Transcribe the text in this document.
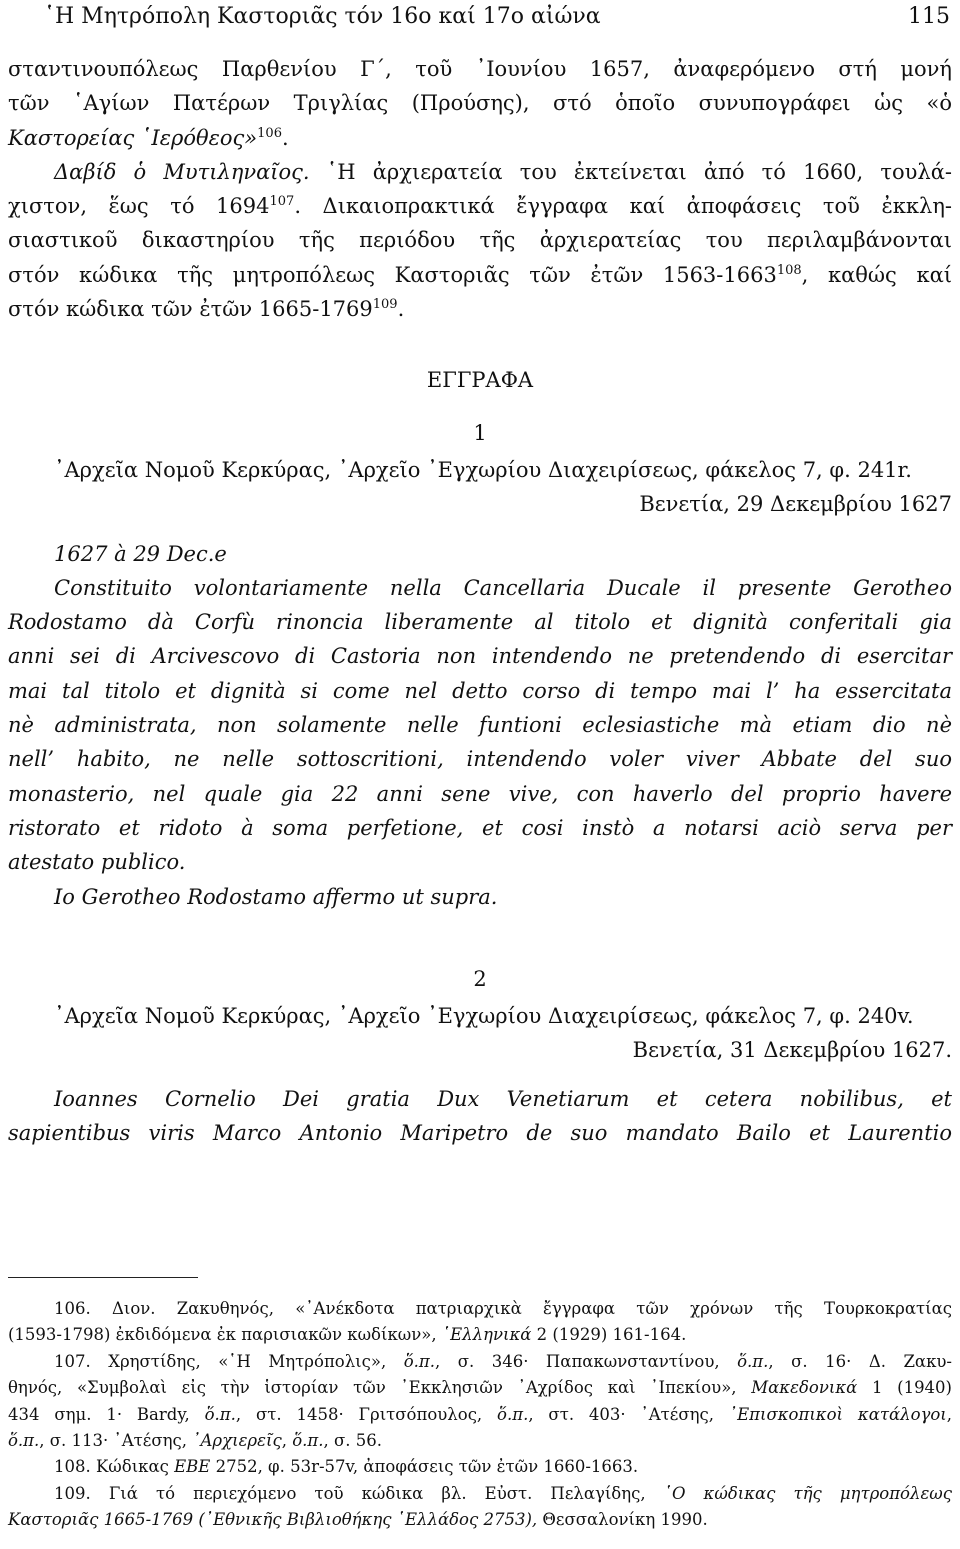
῾Η Μητρόπολη Καστοριᾶς τόν 16ο καί 17ο αἰώνα	115
σταντινουπόλεως Παρθενίου Γ΄, τοῦ ᾿Ιουνίου 1657, ἀναφερόμενο στή μονή
τῶν ῾Αγίων Πατέρων Τριγλίας (Προύσης), στό ὁποῖο συνυπογράφει ὡς «ὁ
Καστορείας ῾Ιερόθεος»$^{106}$.
Δαβίδ ὁ Μυτιληναῖος. ῾Η ἀρχιερατεία του ἐκτείνεται ἀπό τό 1660, τουλά-
χιστον, ἕως τό 1694$^{107}$. Δικαιοπρακτικά ἔγγραφα καί ἀποφάσεις τοῦ ἐκκλη-
σιαστικοῦ δικαστηρίου τῆς περιόδου τῆς ἀρχιερατείας του περιλαμβάνονται
στόν κώδικα τῆς μητροπόλεως Καστοριᾶς τῶν ἐτῶν 1563-1663$^{108}$, καθώς καί
στόν κώδικα τῶν ἐτῶν 1665-1769$^{109}$.
ΕΓΓΡΑΦΑ
1
᾿Αρχεῖα Νομοῦ Κερκύρας, ᾿Αρχεῖο ᾿Εγχωρίου Διαχειρίσεως, φάκελος 7, φ. 241r.
Βενετία, 29 Δεκεμβρίου 1627
1627 à 29 Dec.e
Constituito volontariamente nella Cancellaria Ducale il presente Gerotheo
Rodostamo dà Corfù rinoncia liberamente al titolo et dignità conferitali gia
anni sei di Arcivescovo di Castoria non intendendo ne pretendendo di esercitar
mai tal titolo et dignità si come nel detto corso di tempo mai l’ ha essercitata
nè administrata, non solamente nelle funtioni eclesiastiche mà etiam dio nè
nell’ habito, ne nelle sottoscritioni, intendendo voler viver Abbate del suo
monasterio, nel quale gia 22 anni sene vive, con haverlo del proprio havere
ristorato et ridoto à soma perfetione, et cosi instò a notarsi aciò serva per
atestato publico.
Io Gerotheo Rodostamo affermo ut supra.
2
᾿Αρχεῖα Νομοῦ Κερκύρας, ᾿Αρχεῖο ᾿Εγχωρίου Διαχειρίσεως, φάκελος 7, φ. 240v.
Βενετία, 31 Δεκεμβρίου 1627.
Ioannes Cornelio Dei gratia Dux Venetiarum et cetera nobilibus, et
sapientibus viris Marco Antonio Maripetro de suo mandato Bailo et Laurentio
106. Διον. Ζακυθηνός, «᾿Ανέκδοτα πατριαρχικὰ ἔγγραφα τῶν χρόνων τῆς Τουρκοκρατίας
(1593-1798) ἐκδιδόμενα ἐκ παρισιακῶν κωδίκων», ῾Ελληνικά 2 (1929) 161-164.
107. Χρηστίδης, «῾Η Μητρόπολις», ὅ.π., σ. 346· Παπακωνσταντίνου, ὅ.π., σ. 16· Δ. Ζακυ-
θηνός, «Συμβολαὶ εἰς τὴν ἱστορίαν τῶν ᾿Εκκλησιῶν ᾿Αχρίδος καὶ ᾿Ιπεκίου», Μακεδονικά 1 (1940)
434 σημ. 1· Bardy, ὅ.π., στ. 1458· Γριτσόπουλος, ὅ.π., στ. 403· ᾿Ατέσης, ᾿Επισκοπικοὶ κατάλογοι,
ὅ.π., σ. 113· ᾿Ατέσης, ᾿Αρχιερεῖς, ὅ.π., σ. 56.
108. Κώδικας ΕΒΕ 2752, φ. 53r-57v, ἀποφάσεις τῶν ἐτῶν 1660-1663.
109. Γιά τό περιεχόμενο τοῦ κώδικα βλ. Εὐστ. Πελαγίδης, ῾Ο κώδικας τῆς μητροπόλεως
Καστοριᾶς 1665-1769 (᾿Εθνικῆς Βιβλιοθήκης ῾Ελλάδος 2753), Θεσσαλονίκη 1990.
